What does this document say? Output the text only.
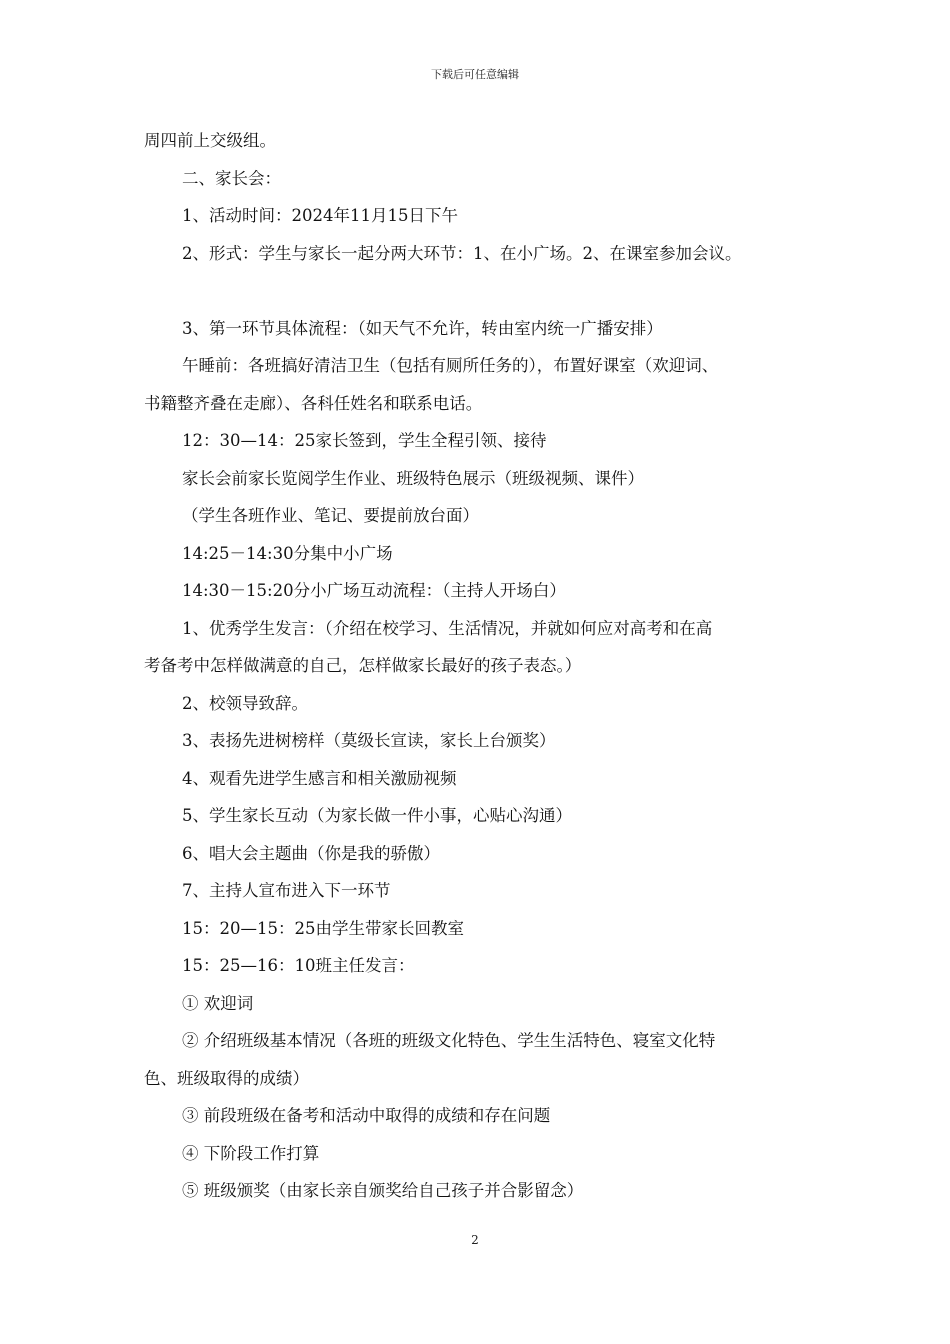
下载后可任意编辑
周四前上交级组。
二、家长会：
1、活动时间：2024年11月15日下午
2、形式：学生与家长一起分两大环节：1、在小广场。2、在课室参加会议。
3、第一环节具体流程：（如天气不允许，转由室内统一广播安排）
午睡前：各班搞好清洁卫生（包括有厕所任务的），布置好课室（欢迎词、
书籍整齐叠在走廊）、各科任姓名和联系电话。
12：30—14：25家长签到，学生全程引领、接待
家长会前家长览阅学生作业、班级特色展示（班级视频、课件）
（学生各班作业、笔记、要提前放台面）
14:25－14:30分集中小广场
14:30－15:20分小广场互动流程：（主持人开场白）
1、优秀学生发言：（介绍在校学习、生活情况，并就如何应对高考和在高
考备考中怎样做满意的自己，怎样做家长最好的孩子表态。）
2、校领导致辞。
3、表扬先进树榜样（莫级长宣读，家长上台颁奖）
4、观看先进学生感言和相关激励视频
5、学生家长互动（为家长做一件小事，心贴心沟通）
6、唱大会主题曲（你是我的骄傲）
7、主持人宣布进入下一环节
15：20—15：25由学生带家长回教室
15：25—16：10班主任发言：
① 欢迎词
② 介绍班级基本情况（各班的班级文化特色、学生生活特色、寝室文化特
色、班级取得的成绩）
③ 前段班级在备考和活动中取得的成绩和存在问题
④ 下阶段工作打算
⑤ 班级颁奖（由家长亲自颁奖给自己孩子并合影留念）
2
